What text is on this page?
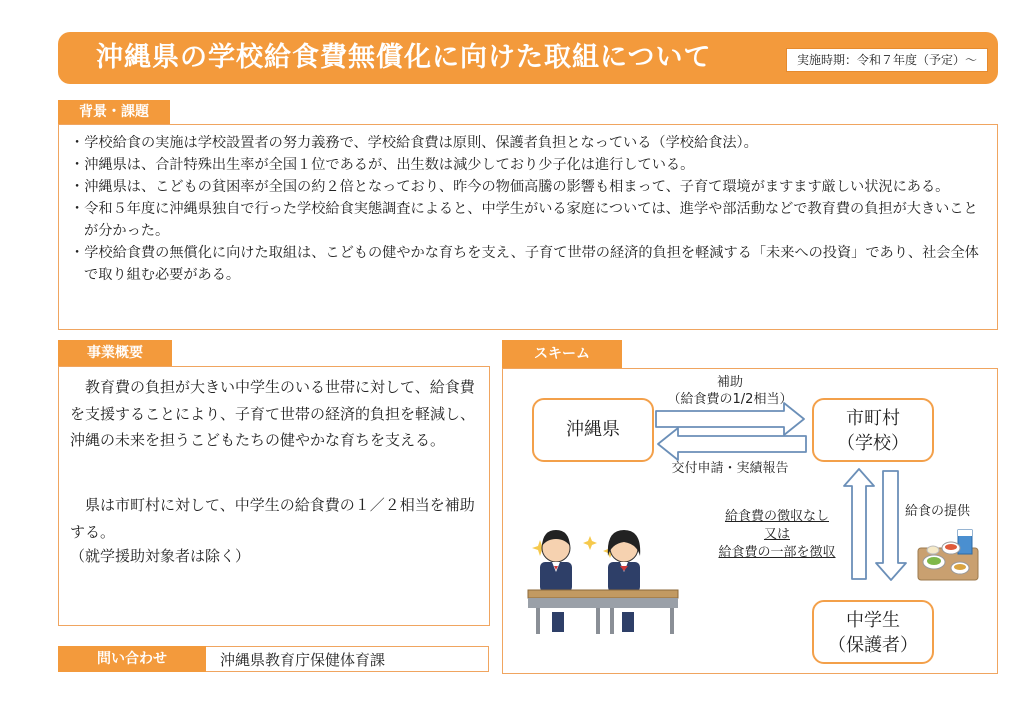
沖縄県の学校給食費無償化に向けた取組について	実施時期：令和７年度（予定）～
背景・課題
・ 学校給食の実施は学校設置者の努力義務で、学校給食費は原則、保護者負担となっている（学校給食法）。
・ 沖縄県は、合計特殊出生率が全国１位であるが、出生数は減少しており少子化は進行している。
・ 沖縄県は、こどもの貧困率が全国の約２倍となっており、昨今の物価高騰の影響も相まって、子育て環境がますます厳しい状況にある。
・ 令和５年度に沖縄県独自で行った学校給食実態調査によると、中学生がいる家庭については、進学や部活動などで教育費の負担が大きいことが分かった。
・ 学校給食費の無償化に向けた取組は、こどもの健やかな育ちを支え、子育て世帯の経済的負担を軽減する「未来への投資」であり、社会全体で取り組む必要がある。
事業概要

教育費の負担が大きい中学生のいる世帯に対して、給食費を支援することにより、子育て世帯の経済的負担を軽減し、沖縄の未来を担うこどもたちの健やかな育ちを支える。

県は市町村に対して、中学生の給食費の１／２相当を補助する。

（就学援助対象者は除く）
問い合わせ	沖縄県教育庁保健体育課
スキーム
沖縄県
市町村
（学校）
中学生
（保護者）
補助
（給食費の1/2相当）
交付申請・実績報告
給食費の徴収なし
又は
給食費の一部を徴収
給食の提供
